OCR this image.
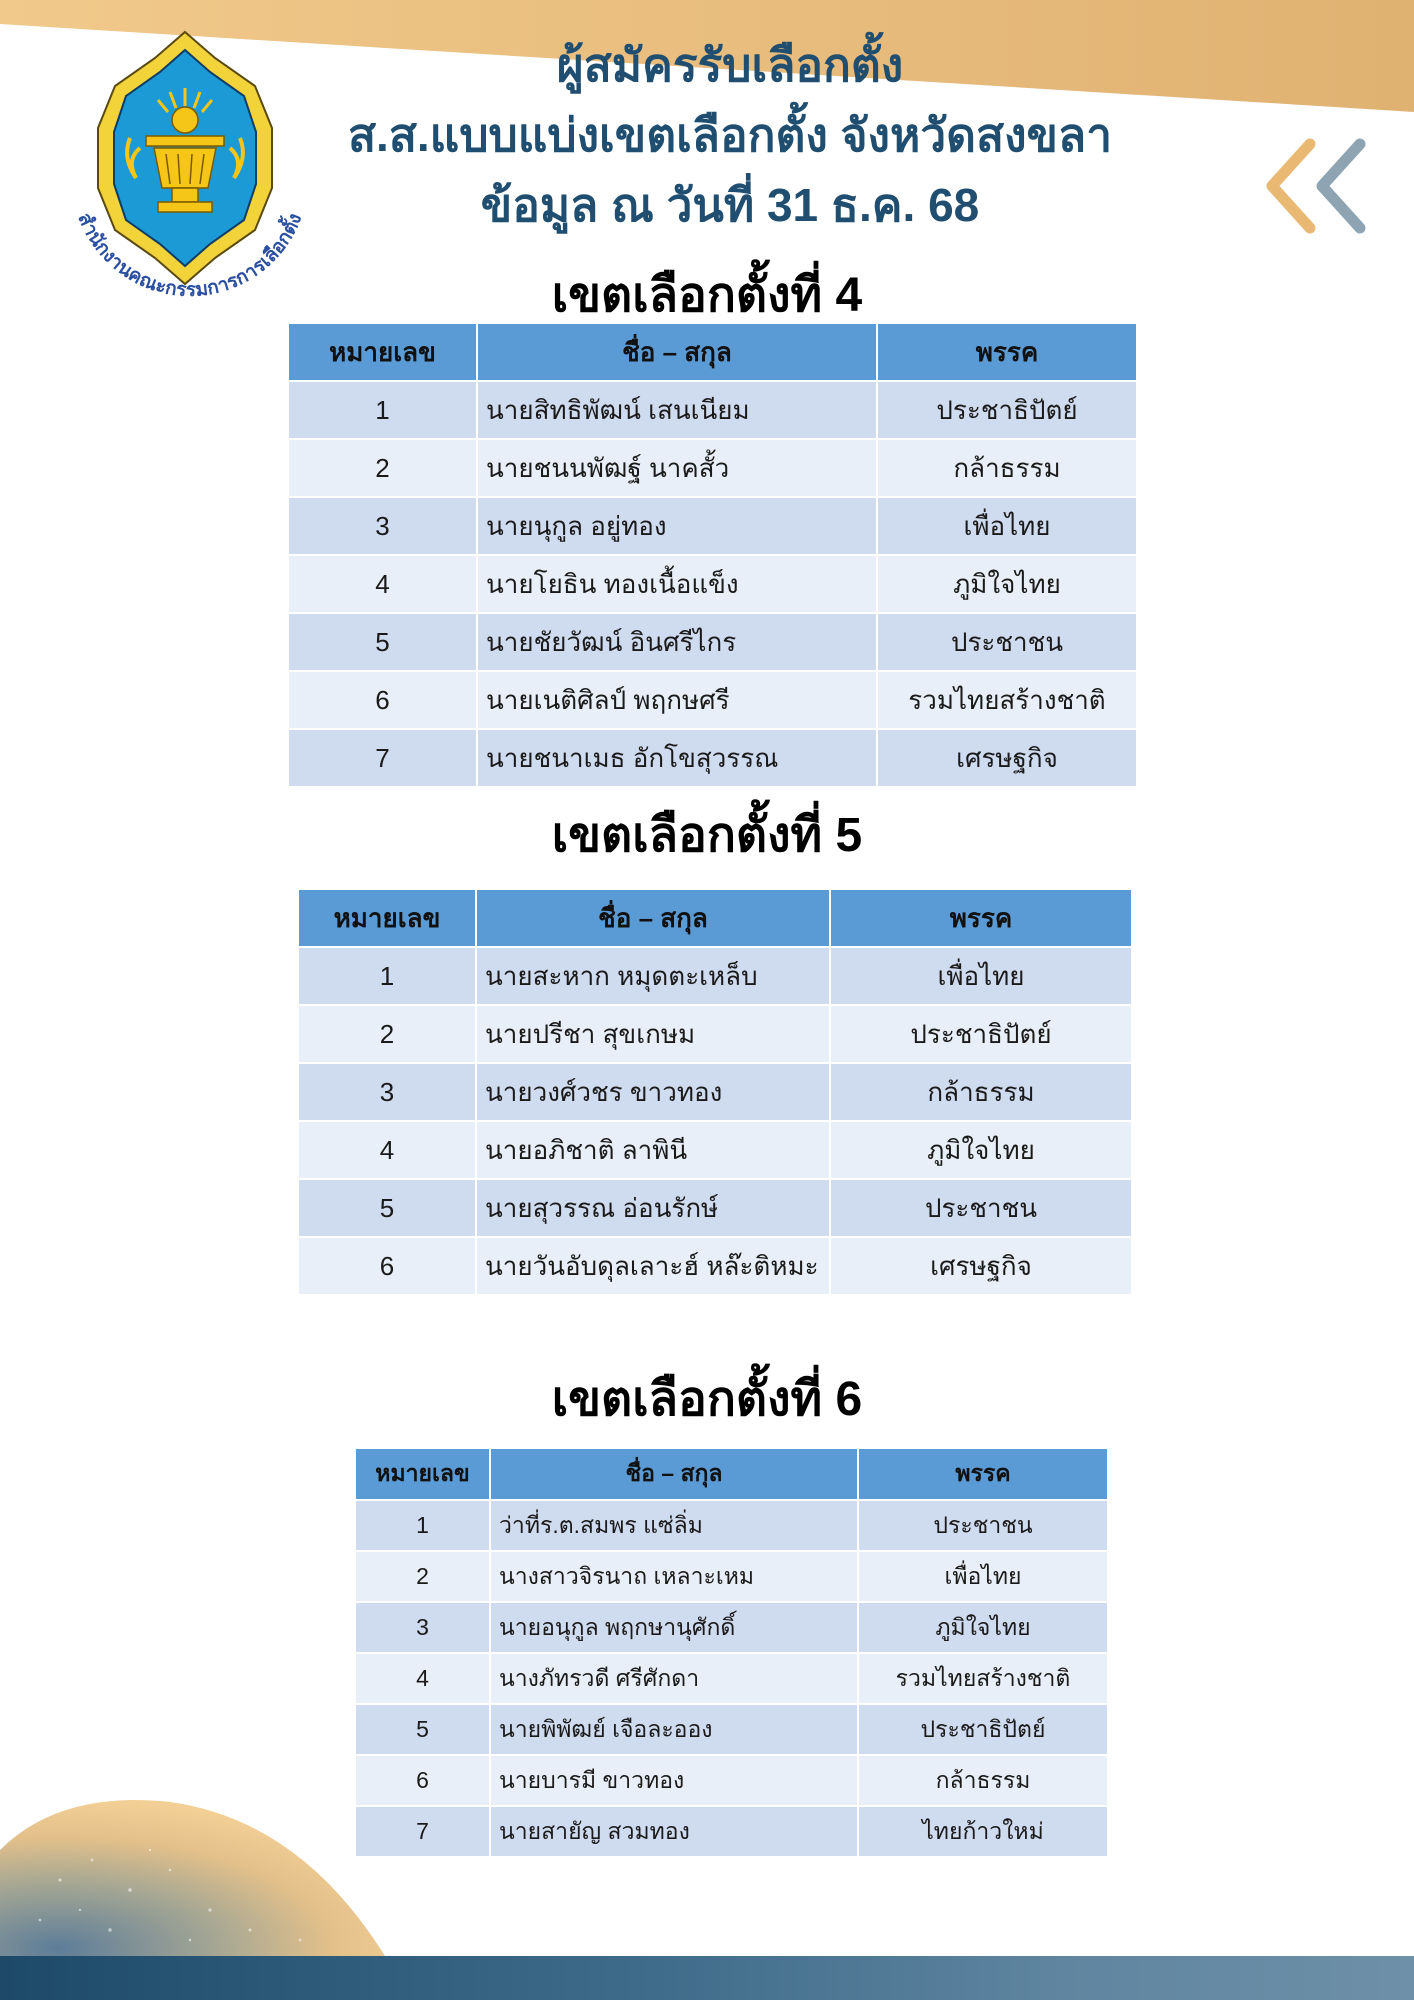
สำนักงานคณะกรรมการการเลือกตั้ง
ผู้สมัครรับเลือกตั้ง
ส.ส.แบบแบ่งเขตเลือกตั้ง จังหวัดสงขลา
ข้อมูล ณ วันที่ 31 ธ.ค. 68
เขตเลือกตั้งที่ 4
หมายเลข	ชื่อ – สกุล	พรรค
1	นายสิทธิพัฒน์ เสนเนียม	ประชาธิปัตย์
2	นายชนนพัฒฐ์ นาคสั้ว	กล้าธรรม
3	นายนุกูล อยู่ทอง	เพื่อไทย
4	นายโยธิน ทองเนื้อแข็ง	ภูมิใจไทย
5	นายชัยวัฒน์ อินศรีไกร	ประชาชน
6	นายเนติศิลป์ พฤกษศรี	รวมไทยสร้างชาติ
7	นายชนาเมธ อักโขสุวรรณ	เศรษฐกิจ
เขตเลือกตั้งที่ 5
หมายเลข	ชื่อ – สกุล	พรรค
1	นายสะหาก หมุดตะเหล็บ	เพื่อไทย
2	นายปรีชา สุขเกษม	ประชาธิปัตย์
3	นายวงศ์วชร ขาวทอง	กล้าธรรม
4	นายอภิชาติ ลาพินี	ภูมิใจไทย
5	นายสุวรรณ อ่อนรักษ์	ประชาชน
6	นายวันอับดุลเลาะฮ์ หล๊ะติหมะ	เศรษฐกิจ
เขตเลือกตั้งที่ 6
หมายเลข	ชื่อ – สกุล	พรรค
1	ว่าที่ร.ต.สมพร แซ่ลิ่ม	ประชาชน
2	นางสาวจิรนาถ เหลาะเหม	เพื่อไทย
3	นายอนุกูล พฤกษานุศักดิ์	ภูมิใจไทย
4	นางภัทรวดี ศรีศักดา	รวมไทยสร้างชาติ
5	นายพิพัฒย์ เจือละออง	ประชาธิปัตย์
6	นายบารมี ขาวทอง	กล้าธรรม
7	นายสายัญ สวมทอง	ไทยก้าวใหม่
